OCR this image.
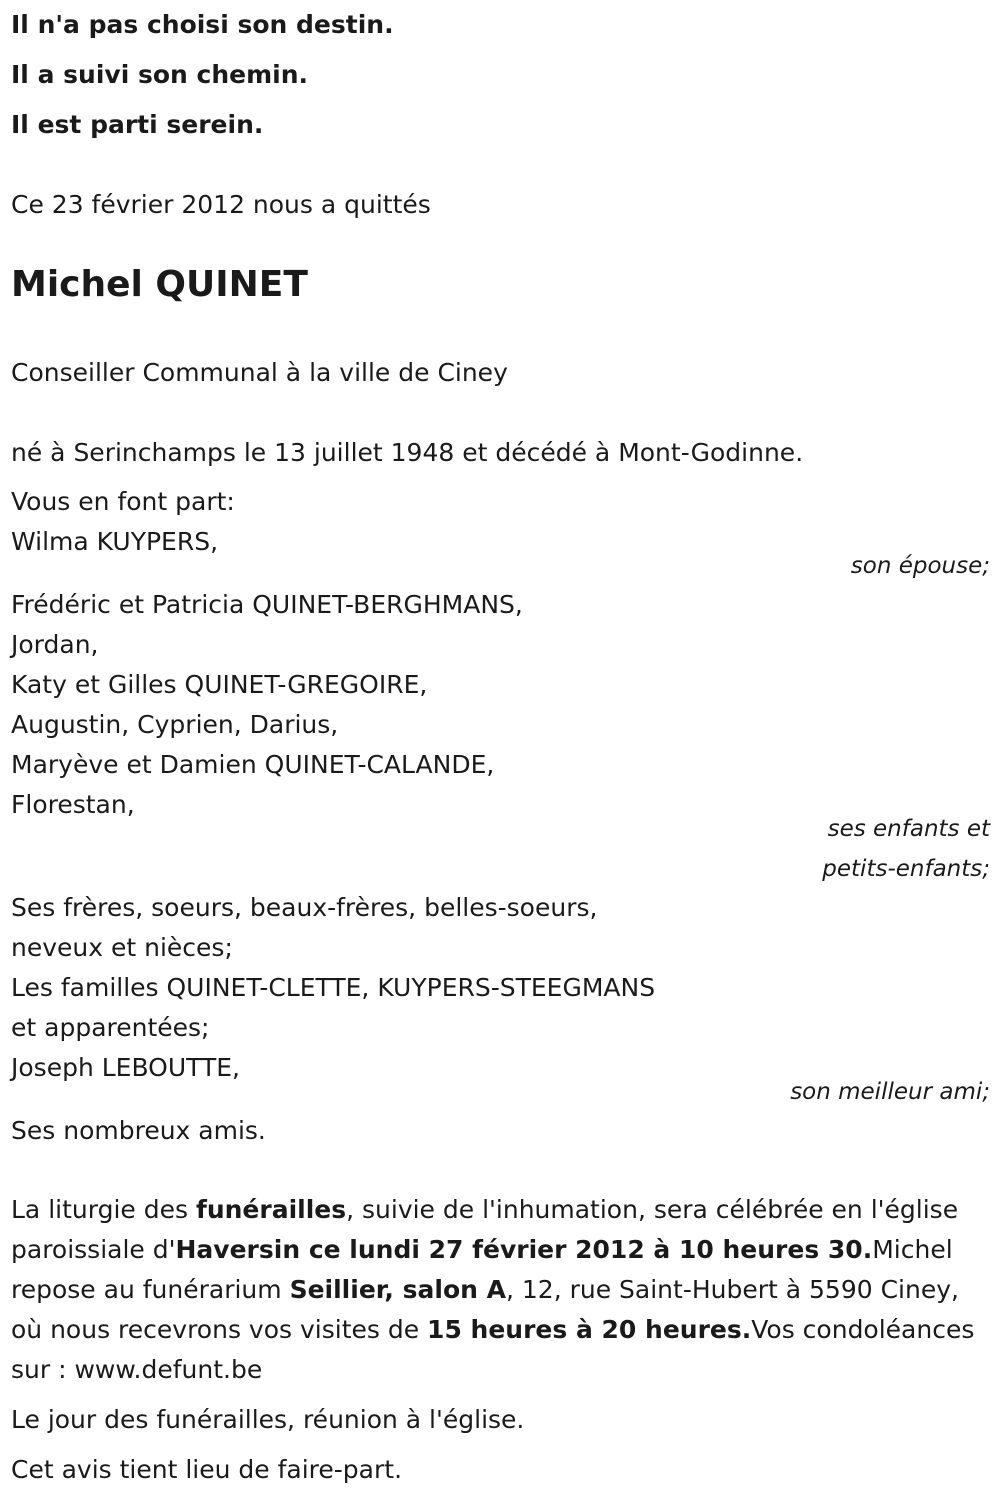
Il n'a pas choisi son destin.
Il a suivi son chemin.
Il est parti serein.
Ce 23 février 2012 nous a quittés
Michel QUINET
Conseiller Communal à la ville de Ciney
né à Serinchamps le 13 juillet 1948 et décédé à Mont-Godinne.
Vous en font part:
Wilma KUYPERS,
son épouse;
Frédéric et Patricia QUINET-BERGHMANS,
Jordan,
Katy et Gilles QUINET-GREGOIRE,
Augustin, Cyprien, Darius,
Maryève et Damien QUINET-CALANDE,
Florestan,
ses enfants et
petits-enfants;
Ses frères, soeurs, beaux-frères, belles-soeurs,
neveux et nièces;
Les familles QUINET-CLETTE, KUYPERS-STEEGMANS
et apparentées;
Joseph LEBOUTTE,
son meilleur ami;
Ses nombreux amis.

La liturgie des funérailles, suivie de l'inhumation, sera célébrée en l'église paroissiale d'Haversin ce lundi 27 février 2012 à 10 heures 30.Michel repose au funérarium Seillier, salon A, 12, rue Saint-Hubert à 5590 Ciney, où nous recevrons vos visites de 15 heures à 20 heures.Vos condoléances sur : www.defunt.be

Le jour des funérailles, réunion à l'église.
Cet avis tient lieu de faire-part.
